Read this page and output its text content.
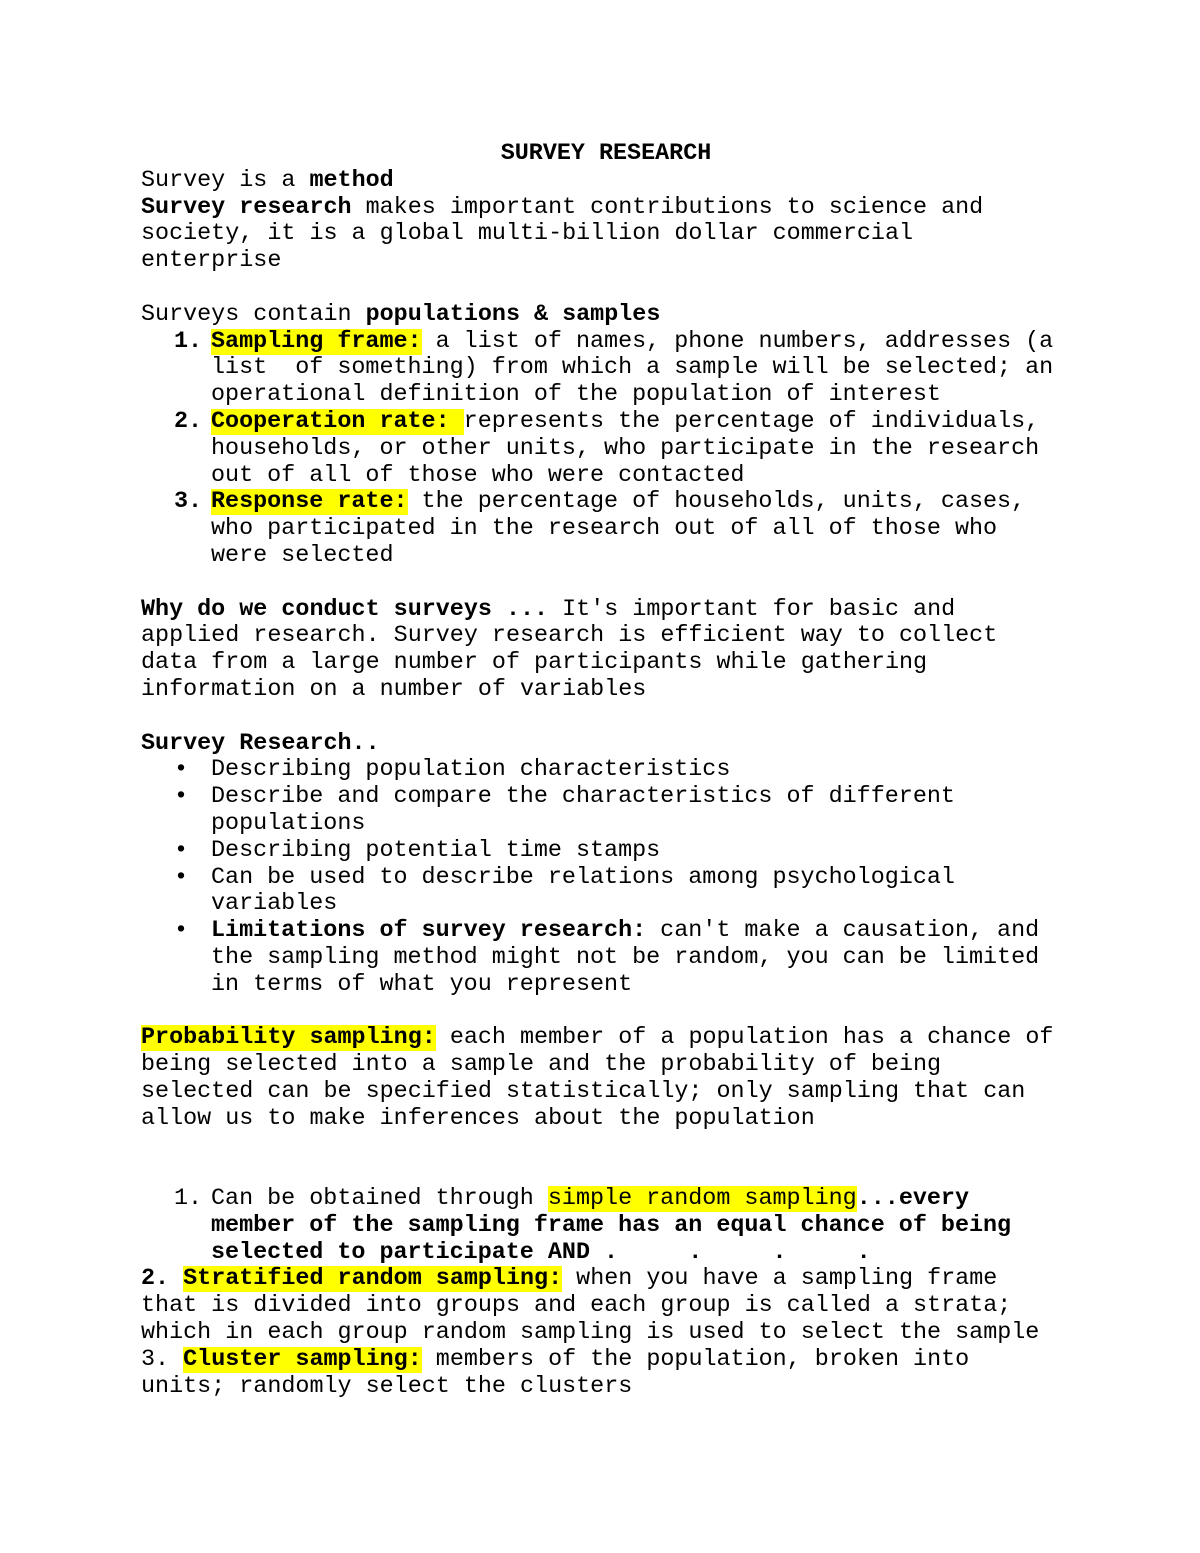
SURVEY RESEARCH
Survey is a method
Survey research makes important contributions to science and
society, it is a global multi-billion dollar commercial
enterprise
Surveys contain populations & samples
1. Sampling frame: a list of names, phone numbers, addresses (a
list  of something) from which a sample will be selected; an
operational definition of the population of interest
2. Cooperation rate: represents the percentage of individuals,
households, or other units, who participate in the research
out of all of those who were contacted
3. Response rate: the percentage of households, units, cases,
who participated in the research out of all of those who
were selected
Why do we conduct surveys ... It's important for basic and
applied research. Survey research is efficient way to collect
data from a large number of participants while gathering
information on a number of variables
Survey Research..
• Describing population characteristics
• Describe and compare the characteristics of different
populations
• Describing potential time stamps
• Can be used to describe relations among psychological
variables
• Limitations of survey research: can't make a causation, and
the sampling method might not be random, you can be limited
in terms of what you represent
Probability sampling: each member of a population has a chance of
being selected into a sample and the probability of being
selected can be specified statistically; only sampling that can
allow us to make inferences about the population
1. Can be obtained through simple random sampling...every
member of the sampling frame has an equal chance of being
selected to participate AND .     .     .     .
2. Stratified random sampling: when you have a sampling frame
that is divided into groups and each group is called a strata;
which in each group random sampling is used to select the sample
3. Cluster sampling: members of the population, broken into
units; randomly select the clusters
